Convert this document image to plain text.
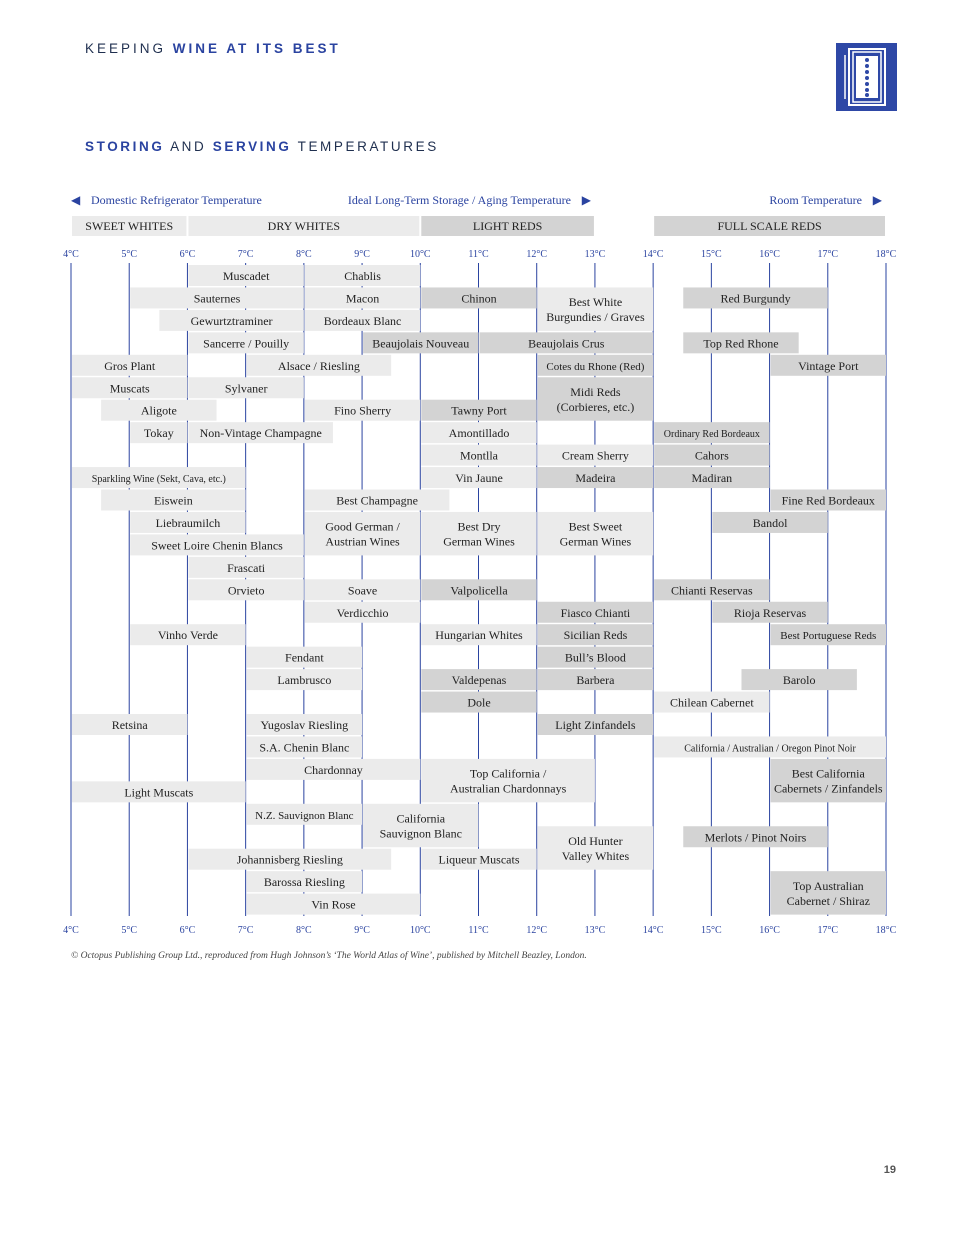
KEEPING WINE AT ITS BEST
STORING AND SERVING TEMPERATURES
4°C
4°C
5°C
5°C
6°C
6°C
7°C
7°C
8°C
8°C
9°C
9°C
10°C
10°C
11°C
11°C
12°C
12°C
13°C
13°C
14°C
14°C
15°C
15°C
16°C
16°C
17°C
17°C
18°C
18°C
◀ Domestic Refrigerator Temperature	Ideal Long-Term Storage / Aging Temperature ▶	Room Temperature ▶
SWEET WHITES	DRY WHITES	LIGHT REDS	FULL SCALE REDS
Muscadet	Chablis
Sauternes	Macon	Chinon	Best White Burgundies / Graves
Red Burgundy
Gewurtztraminer	Bordeaux Blanc
Sancerre / Pouilly	Beaujolais Nouveau	Beaujolais Crus	Top Red Rhone
Gros Plant	Alsace / Riesling	Cotes du Rhone (Red)	Vintage Port
Muscats	Sylvaner	Midi Reds (Corbieres, etc.)
Aligote	Fino Sherry	Tawny Port
Tokay Non-Vintage Champagne	Amontillado	Ordinary Red Bordeaux
Montlla	Cream Sherry	Cahors
Sparkling Wine (Sekt, Cava, etc.)	Vin Jaune	Madeira	Madiran
Eiswein	Best Champagne	Fine Red Bordeaux
Liebraumilch	Good German / Austrian Wines
Best Dry German Wines
Best Sweet German Wines
Bandol
Sweet Loire Chenin Blancs
Frascati
Orvieto	Soave	Valpolicella	Chianti Reservas
Verdicchio	Fiasco Chianti	Rioja Reservas
Vinho Verde	Hungarian Whites	Sicilian Reds	Best Portuguese Reds
Fendant	Bull’s Blood
Lambrusco	Valdepenas	Barbera	Barolo
Dole	Chilean Cabernet
Retsina	Yugoslav Riesling	Light Zinfandels
S.A. Chenin Blanc	California / Australian / Oregon Pinot Noir
Chardonnay	Top California / Australian Chardonnays
Best California Cabernets / Zinfandels
Light Muscats
N.Z. Sauvignon Blanc	California Sauvignon Blanc	Merlots / Pinot Noirs
Old Hunter Valley Whites
Johannisberg Riesling	Liqueur Muscats
Barossa Riesling	Top Australian Cabernet / Shiraz
Vin Rose
© Octopus Publishing Group Ltd., reproduced from Hugh Johnson’s ‘The World Atlas of Wine’, published by Mitchell Beazley, London.
19
